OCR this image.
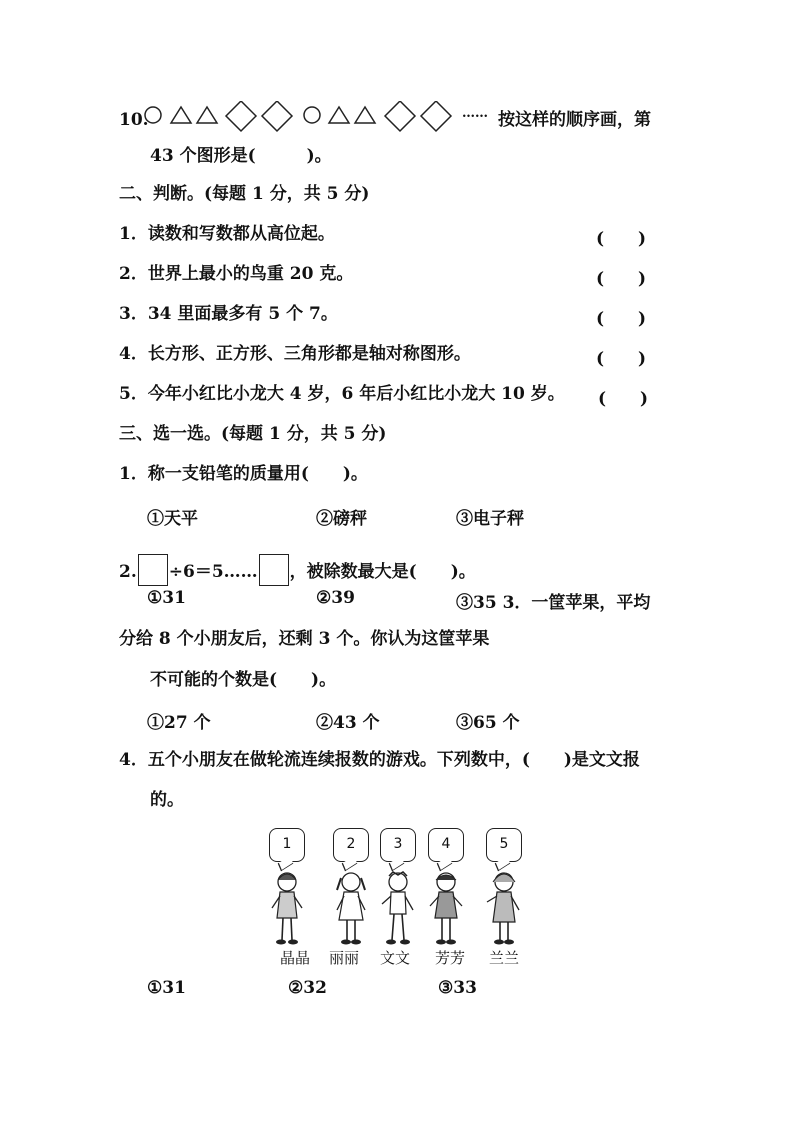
10.	…… 按这样的顺序画，第
43 个图形是(　　　)。
二、判断。(每题 1 分，共 5 分)
1．读数和写数都从高位起。	(　　)
2．世界上最小的鸟重 20 克。	(　　)
3．34 里面最多有 5 个 7。	(　　)
4．长方形、正方形、三角形都是轴对称图形。	(　　)
5．今年小红比小龙大 4 岁，6 年后小红比小龙大 10 岁。 (　　)
三、选一选。(每题 1 分，共 5 分)
1．称一支铅笔的质量用(　　)。
①天平	②磅秤	③电子秤
2. ÷6＝5…… ，被除数最大是(　　)。
①31	②39	③35 3．一筐苹果，平均
分给 8 个小朋友后，还剩 3 个。你认为这筐苹果
不可能的个数是(　　)。
①27 个	②43 个	③65 个
4．五个小朋友在做轮流连续报数的游戏。下列数中，(　　)是文文报
的。
1	2	3	4	5
晶晶	丽丽	文文	芳芳	兰兰
①31	②32	③33
